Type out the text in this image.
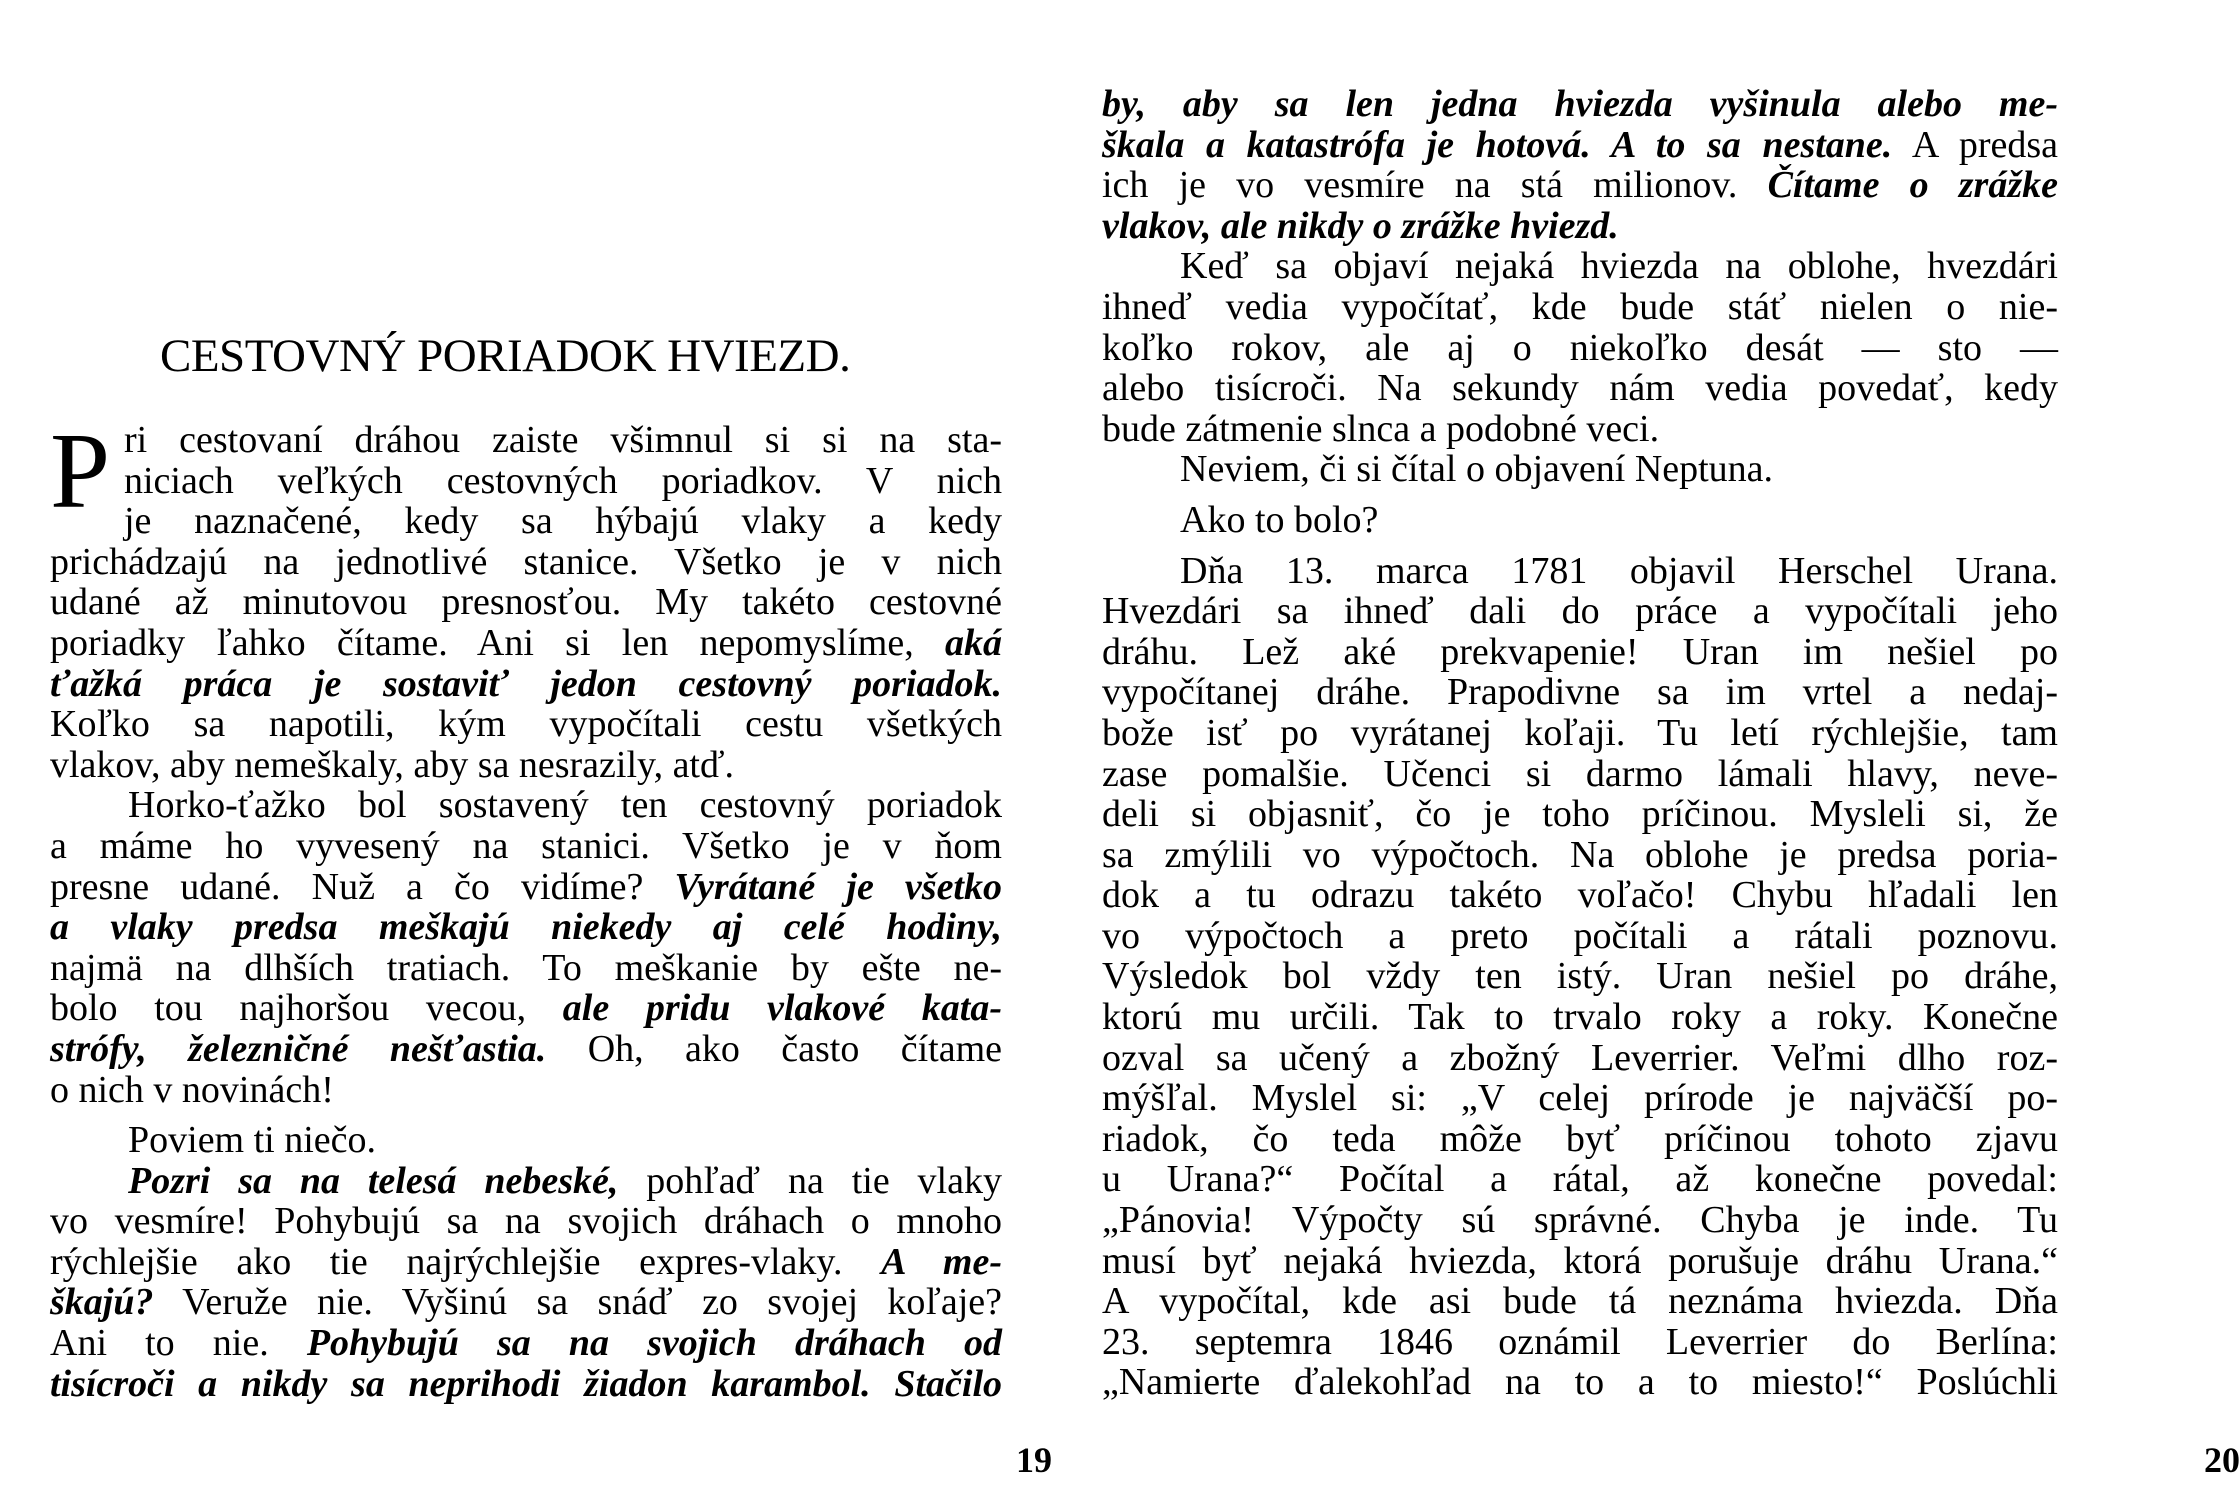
CESTOVNÝ PORIADOK HVIEZD.
P ri cestovaní dráhou zaiste všimnul si si na sta-
niciach veľkých cestovných poriadkov. V nich
je naznačené, kedy sa hýbajú vlaky a kedy
prichádzajú na jednotlivé stanice. Všetko je v nich
udané až minutovou presnosťou. My takéto cestovné
poriadky ľahko čítame. Ani si len nepomyslíme, aká
ťažká práca je sostaviť jedon cestovný poriadok.
Koľko sa napotili, kým vypočítali cestu všetkých
vlakov, aby nemeškaly, aby sa nesrazily, atď.
Horko-ťažko bol sostavený ten cestovný poriadok
a máme ho vyvesený na stanici. Všetko je v ňom
presne udané. Nuž a čo vidíme? Vyrátané je všetko
a vlaky predsa meškajú niekedy aj celé hodiny,
najmä na dlhších tratiach. To meškanie by ešte ne-
bolo tou najhoršou vecou, ale pridu vlakové kata-
strófy, železničné nešťastia. Oh, ako často čítame
o nich v novinách!
Poviem ti niečo.
Pozri sa na telesá nebeské, pohľaď na tie vlaky
vo vesmíre! Pohybujú sa na svojich dráhach o mnoho
rýchlejšie ako tie najrýchlejšie expres-vlaky. A me-
škajú? Veruže nie. Vyšinú sa snáď zo svojej koľaje?
Ani to nie. Pohybujú sa na svojich dráhach od
tisícroči a nikdy sa neprihodi žiadon karambol. Stačilo
19
by, aby sa len jedna hviezda vyšinula alebo me-
škala a katastrófa je hotová. A to sa nestane. A predsa
ich je vo vesmíre na stá milionov. Čítame o zrážke
vlakov, ale nikdy o zrážke hviezd.
Keď sa objaví nejaká hviezda na oblohe, hvezdári
ihneď vedia vypočítať, kde bude stáť nielen o nie-
koľko rokov, ale aj o niekoľko desát — sto —
alebo tisícroči. Na sekundy nám vedia povedať, kedy
bude zátmenie slnca a podobné veci.
Neviem, či si čítal o objavení Neptuna.
Ako to bolo?
Dňa 13. marca 1781 objavil Herschel Urana.
Hvezdári sa ihneď dali do práce a vypočítali jeho
dráhu. Lež aké prekvapenie! Uran im nešiel po
vypočítanej dráhe. Prapodivne sa im vrtel a nedaj-
bože isť po vyrátanej koľaji. Tu letí rýchlejšie, tam
zase pomalšie. Učenci si darmo lámali hlavy, neve-
deli si objasniť, čo je toho príčinou. Mysleli si, že
sa zmýlili vo výpočtoch. Na oblohe je predsa poria-
dok a tu odrazu takéto voľačo! Chybu hľadali len
vo výpočtoch a preto počítali a rátali poznovu.
Výsledok bol vždy ten istý. Uran nešiel po dráhe,
ktorú mu určili. Tak to trvalo roky a roky. Konečne
ozval sa učený a zbožný Leverrier. Veľmi dlho roz-
mýšľal. Myslel si: „V celej prírode je najväčší po-
riadok, čo teda môže byť príčinou tohoto zjavu
u Urana?“ Počítal a rátal, až konečne povedal:
„Pánovia! Výpočty sú správné. Chyba je inde. Tu
musí byť nejaká hviezda, ktorá porušuje dráhu Urana.“
A vypočítal, kde asi bude tá neznáma hviezda. Dňa
23. septemra 1846 oznámil Leverrier do Berlína:
„Namierte ďalekohľad na to a to miesto!“ Poslúchli
20
